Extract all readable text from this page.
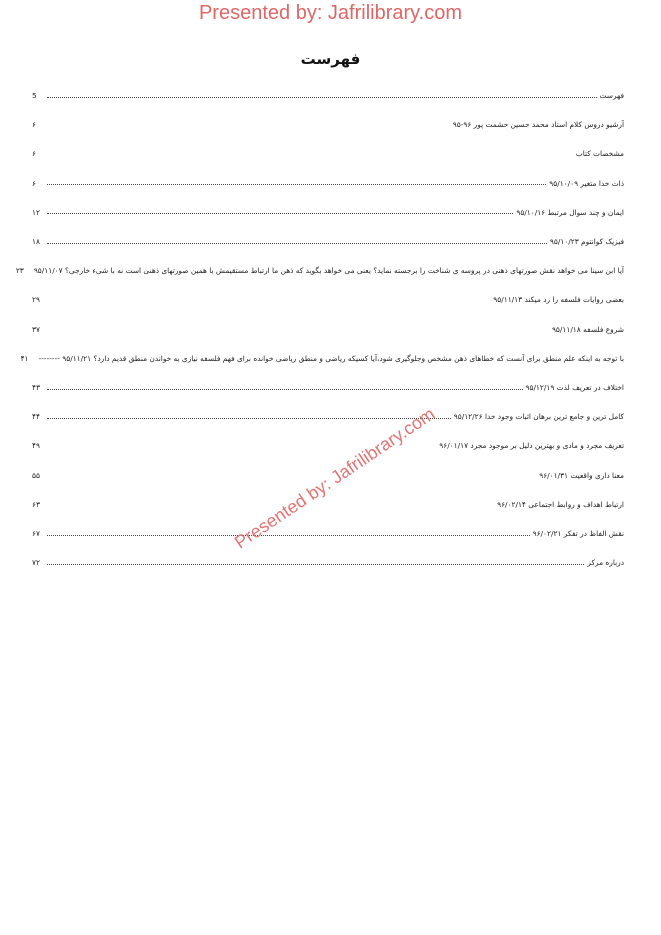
Presented by: Jafrilibrary.com
فهرست
فهرست
5
آرشیو دروس کلام استاد محمد حسین حشمت پور ۹۶-۹۵
۶
مشخصات کتاب
۶
ذات خدا متغیر ۹۵/۱۰/۰۹
۶
ایمان و چند سوال مرتبط ۹۵/۱۰/۱۶
۱۲
فیزیک کوانتوم ۹۵/۱۰/۲۳
۱۸
آیا ابن سینا می خواهد نقش صورتهای ذهنی در پروسه ی شناخت را برجسته نماید؟ یعنی می خواهد بگوید که ذهن ما ارتباط مستقیمش با همین صورتهای ذهنی است نه با شیء خارجی؟ ۹۵/۱۱/۰۷
۲۳
بعضی روایات فلسفه را رد میکند ۹۵/۱۱/۱۳
۲۹
شروع فلسفه ۹۵/۱۱/۱۸
۳۷
با توجه به اینکه علم منطق برای آنست که خطاهای ذهن مشخص وجلوگیری شود،آیا کسیکه ریاضی و منطق ریاضی خوانده برای فهم فلسفه نیازی به خواندن منطق قدیم دارد؟ ۹۵/۱۱/۲۱ --------
۴۱
اختلاف در تعریف لذت ۹۵/۱۲/۱۹
۴۳
کامل ترین و جامع ترین برهان اثبات وجود خدا ۹۵/۱۲/۲۶
۴۴
تعریف مجرد و مادی و بهترین دلیل بر موجود مجرد ۹۶/۰۱/۱۷
۴۹
معنا داری واقعیت ۹۶/۰۱/۳۱
۵۵
ارتباط اهداف و روابط اجتماعی ۹۶/۰۲/۱۴
۶۳
نقش الفاظ در تفکر ۹۶/۰۲/۲۱
۶۷
درباره مرکز
۷۲
Presented by: Jafrilibrary.com
